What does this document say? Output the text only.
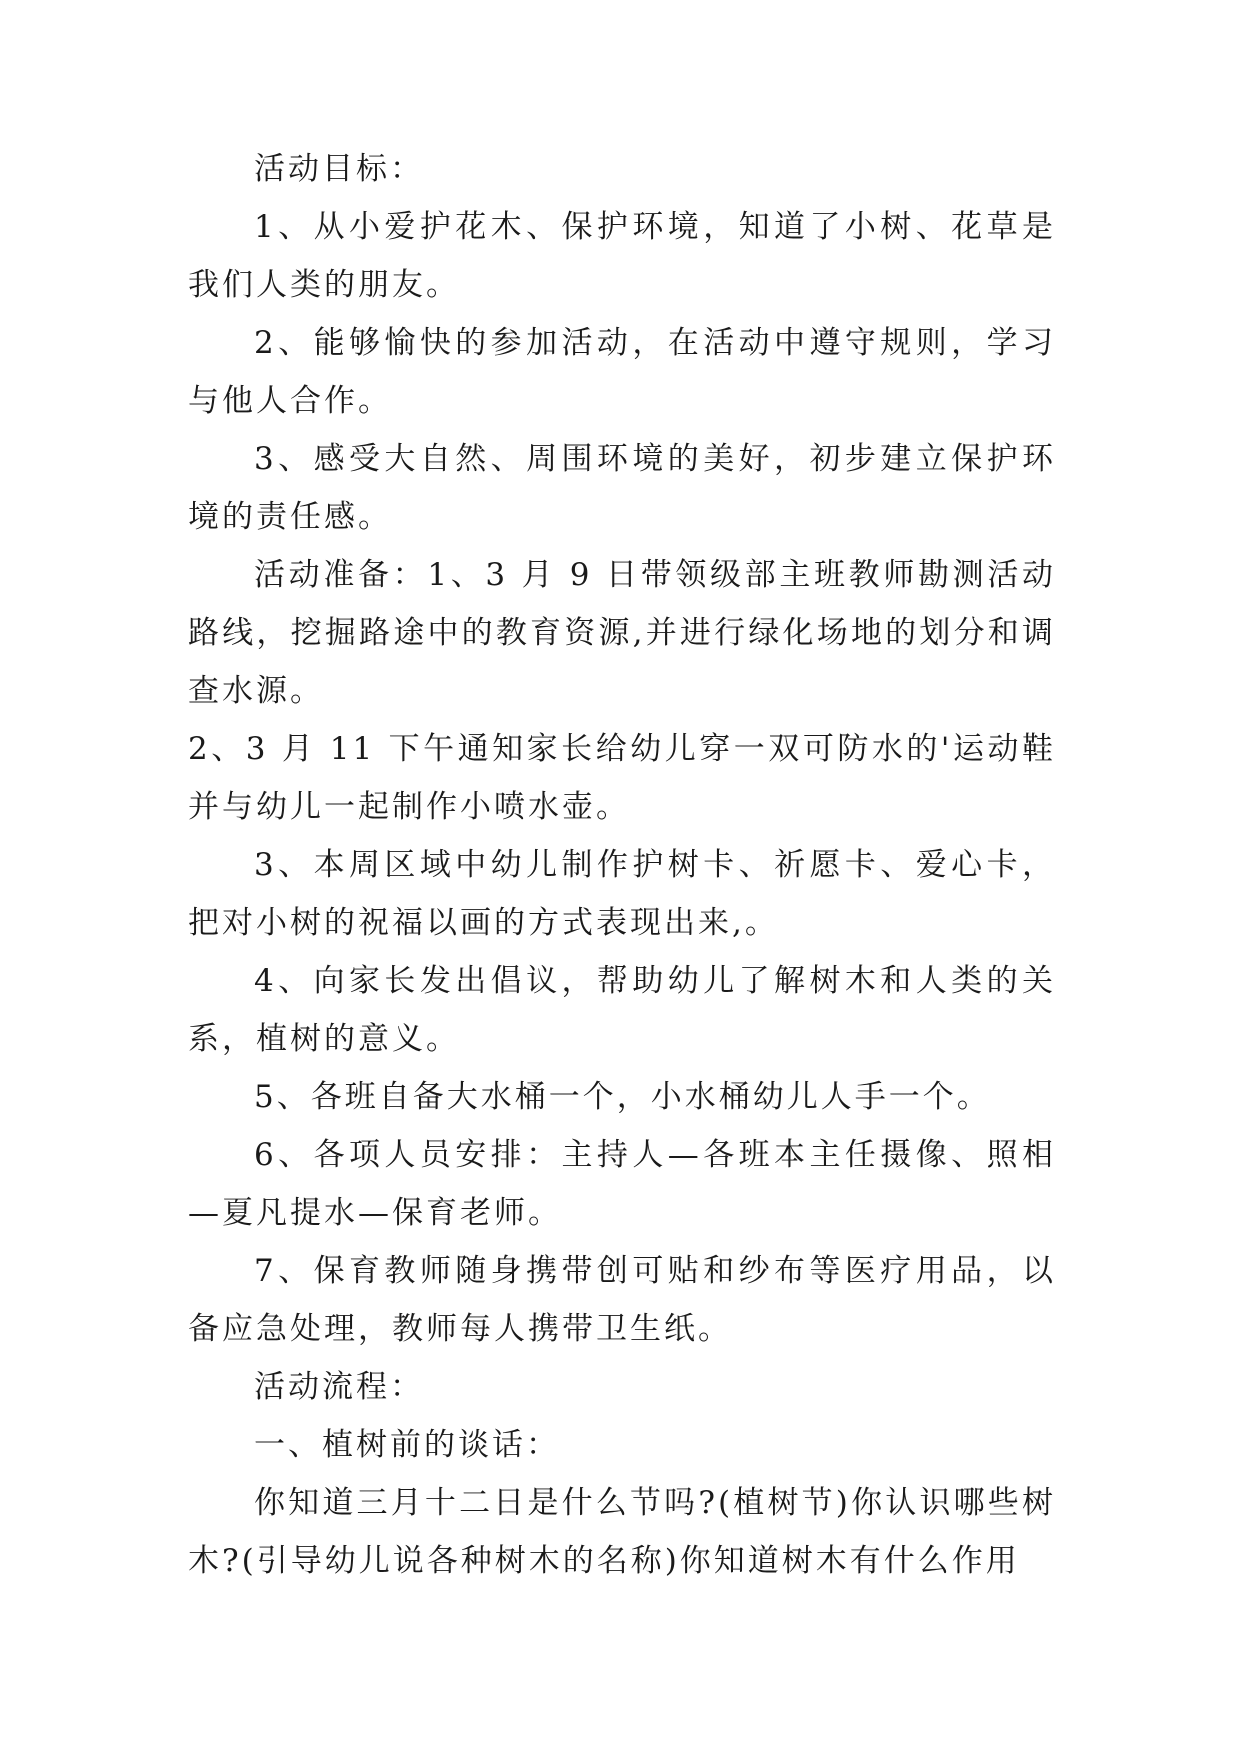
活动目标：

1、从小爱护花木、保护环境，知道了小树、花草是我们人类的朋友。

2、能够愉快的参加活动，在活动中遵守规则，学习与他人合作。

3、感受大自然、周围环境的美好，初步建立保护环境的责任感。

活动准备：1、3 月 9 日带领级部主班教师勘测活动路线，挖掘路途中的教育资源,并进行绿化场地的划分和调查水源。

2、3 月 11 下午通知家长给幼儿穿一双可防水的'运动鞋并与幼儿一起制作小喷水壶。

3、本周区域中幼儿制作护树卡、祈愿卡、爱心卡，把对小树的祝福以画的方式表现出来,。

4、向家长发出倡议，帮助幼儿了解树木和人类的关系，植树的意义。

5、各班自备大水桶一个，小水桶幼儿人手一个。

6、各项人员安排：主持人—各班本主任摄像、照相—夏凡提水—保育老师。

7、保育教师随身携带创可贴和纱布等医疗用品，以备应急处理，教师每人携带卫生纸。

活动流程：

一、植树前的谈话：

你知道三月十二日是什么节吗?(植树节)你认识哪些树木?(引导幼儿说各种树木的名称)你知道树木有什么作用
